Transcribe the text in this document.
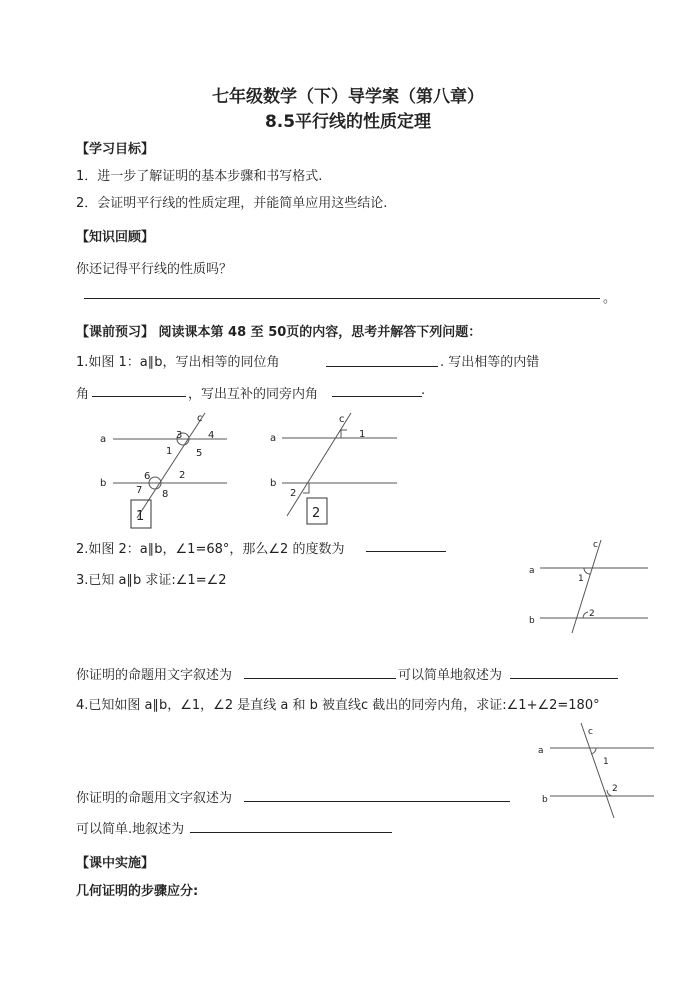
七年级数学（下）导学案（第八章）
8.5平行线的性质定理
【学习目标】
1．进一步了解证明的基本步骤和书写格式.
2．会证明平行线的性质定理，并能简单应用这些结论.
【知识回顾】
你还记得平行线的性质吗？
。
【课前预习】 阅读课本第 48 至 50页的内容，思考并解答下列问题：
1.如图 1：a∥b，写出相等的同位角	. 写出相等的内错
角	，写出互补的同旁内角	.
a
b
c
3	4
1 5
6	2
7 8
1
a
b
c
1
2
2
2.如图 2：a∥b，∠1=68°，那么∠2 的度数为
3.已知 a∥b 求证:∠1=∠2
a
b
c
1
2
你证明的命题用文字叙述为	可以简单地叙述为
4.已知如图 a∥b，∠1，∠2 是直线 a 和 b 被直线c 截出的同旁内角，求证:∠1+∠2=180°
a
b
c
1
2
你证明的命题用文字叙述为
可以简单.地叙述为
【课中实施】
几何证明的步骤应分:
